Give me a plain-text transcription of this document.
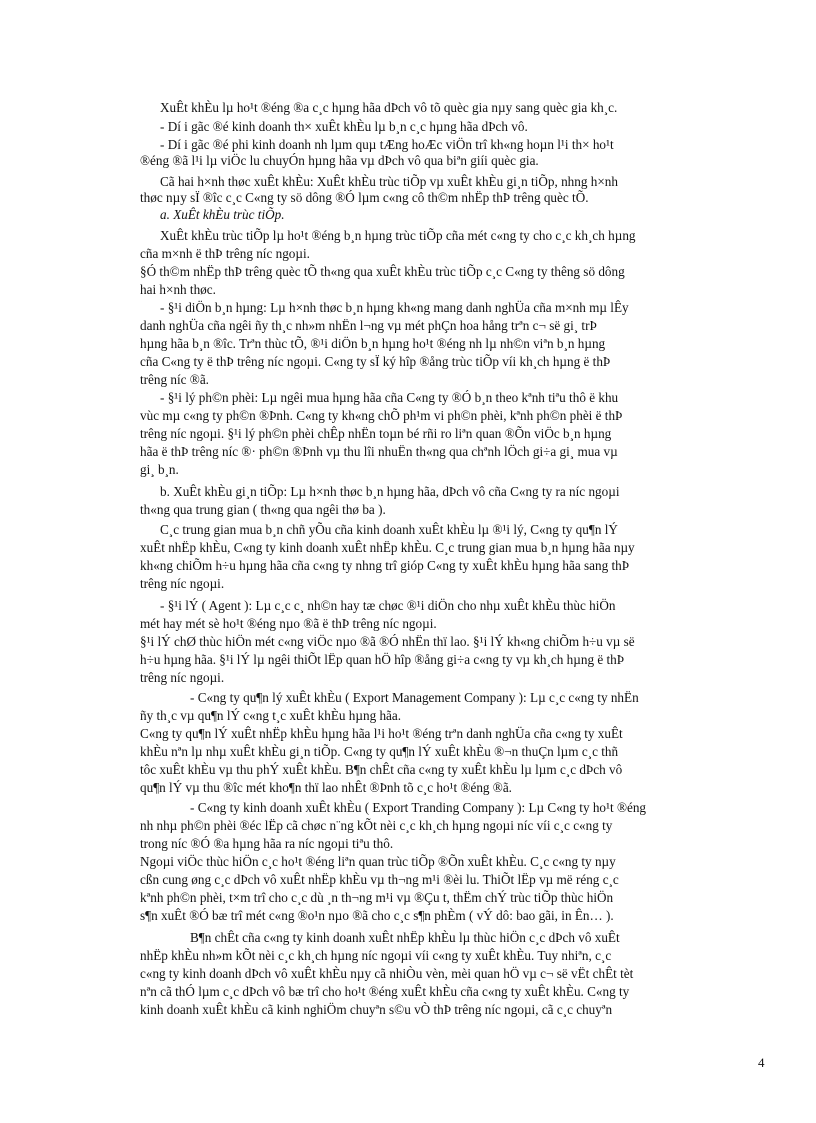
XuÊt khÈu lµ ho¹t ®éng ®a c¸c hµng hãa dÞch vô tõ quèc gia nµy sang quèc gia kh¸c.
- Dí i gãc ®é kinh doanh th× xuÊt khÈu lµ b¸n c¸c hµng hãa dÞch vô.
- Dí i gãc ®é phi kinh doanh nh lµm quµ tÆng hoÆc viÖn trî kh«ng hoµn l¹i th× ho¹t
®éng ®ã l¹i lµ viÖc lu chuyÓn hµng hãa vµ dÞch vô qua biªn giíi quèc gia.
Cã hai h×nh thøc xuÊt khÈu: XuÊt khÈu trùc tiÕp vµ xuÊt khÈu gi¸n tiÕp, nhng h×nh
thøc nµy sÏ ®îc c¸c C«ng ty sö dông ®Ó lµm c«ng cô th©m nhËp thÞ trêng quèc tÕ.
a. XuÊt khÈu trùc tiÕp.
XuÊt khÈu trùc tiÕp lµ ho¹t ®éng b¸n hµng trùc tiÕp cña mét c«ng ty cho c¸c kh¸ch hµng
cña m×nh ë thÞ trêng níc ngoµi.
§Ó th©m nhËp thÞ trêng quèc tÕ th«ng qua xuÊt khÈu trùc tiÕp c¸c C«ng ty thêng sö dông
hai h×nh thøc.
- §¹i diÖn b¸n hµng: Lµ h×nh thøc b¸n hµng kh«ng mang danh nghÜa cña m×nh mµ lÊy
danh nghÜa cña ngêi ñy th¸c nh»m nhËn l¬ng vµ mét phÇn hoa hång trªn c¬ së gi¸ trÞ
hµng hãa b¸n ®îc. Trªn thùc tÕ, ®¹i diÖn b¸n hµng ho¹t ®éng nh lµ nh©n viªn b¸n hµng
cña C«ng ty ë thÞ trêng níc ngoµi. C«ng ty sÏ ký hîp ®ång trùc tiÕp víi kh¸ch hµng ë thÞ
trêng níc ®ã.
- §¹i lý ph©n phèi: Lµ ngêi mua hµng hãa cña C«ng ty ®Ó b¸n theo kªnh tiªu thô ë khu
vùc mµ c«ng ty ph©n ®Þnh. C«ng ty kh«ng chÕ ph¹m vi ph©n phèi, kªnh ph©n phèi ë thÞ
trêng níc ngoµi. §¹i lý ph©n phèi chÊp nhËn toµn bé rñi ro liªn quan ®Õn viÖc b¸n hµng
hãa ë thÞ trêng níc ®· ph©n ®Þnh vµ thu lîi nhuËn th«ng qua chªnh lÖch gi÷a gi¸ mua vµ
gi¸ b¸n.
b. XuÊt khÈu gi¸n tiÕp: Lµ h×nh thøc b¸n hµng hãa, dÞch vô cña C«ng ty ra níc ngoµi
th«ng qua trung gian ( th«ng qua ngêi thø ba ).
C¸c trung gian mua b¸n chñ yÕu cña kinh doanh xuÊt khÈu lµ ®¹i lý, C«ng ty qu¶n lÝ
xuÊt nhËp khÈu, C«ng ty kinh doanh xuÊt nhËp khÈu. C¸c trung gian mua b¸n hµng hãa nµy
kh«ng chiÕm h÷u hµng hãa cña c«ng ty nhng trî gióp C«ng ty xuÊt khÈu hµng hãa sang thÞ
trêng níc ngoµi.
- §¹i lÝ ( Agent ): Lµ c¸c c¸ nh©n hay tæ chøc ®¹i diÖn cho nhµ xuÊt khÈu thùc hiÖn
mét hay mét sè ho¹t ®éng nµo ®ã ë thÞ trêng níc ngoµi.
§¹i lÝ chØ thùc hiÖn mét c«ng viÖc nµo ®ã ®Ó nhËn thï lao. §¹i lÝ kh«ng chiÕm h÷u vµ së
h÷u hµng hãa. §¹i lÝ lµ ngêi thiÕt lËp quan hÖ hîp ®ång gi÷a c«ng ty vµ kh¸ch hµng ë thÞ
trêng níc ngoµi.
- C«ng ty qu¶n lý xuÊt khÈu ( Export Management Company ): Lµ c¸c c«ng ty nhËn
ñy th¸c vµ qu¶n lÝ c«ng t¸c xuÊt khÈu hµng hãa.
C«ng ty qu¶n lÝ xuÊt nhËp khÈu hµng hãa l¹i ho¹t ®éng trªn danh nghÜa cña c«ng ty xuÊt
khÈu nªn lµ nhµ xuÊt khÈu gi¸n tiÕp. C«ng ty qu¶n lÝ xuÊt khÈu ®¬n thuÇn lµm c¸c thñ
tôc xuÊt khÈu vµ thu phÝ xuÊt khÈu. B¶n chÊt cña c«ng ty xuÊt khÈu lµ lµm c¸c dÞch vô
qu¶n lÝ vµ thu ®îc mét kho¶n thï lao nhÊt ®Þnh tõ c¸c ho¹t ®éng ®ã.
- C«ng ty kinh doanh xuÊt khÈu ( Export Tranding Company ): Lµ C«ng ty ho¹t ®éng
nh nhµ ph©n phèi ®éc lËp cã chøc n¨ng kÕt nèi c¸c kh¸ch hµng ngoµi níc víi c¸c c«ng ty
trong níc ®Ó ®a hµng hãa ra níc ngoµi tiªu thô.
Ngoµi viÖc thùc hiÖn c¸c ho¹t ®éng liªn quan trùc tiÕp ®Õn xuÊt khÈu. C¸c c«ng ty nµy
cßn cung øng c¸c dÞch vô xuÊt nhËp khÈu vµ th¬ng m¹i ®èi lu. ThiÕt lËp vµ më réng c¸c
kªnh ph©n phèi, t×m trî cho c¸c dù ¸n th¬ng m¹i vµ ®Çu t, thËm chÝ trùc tiÕp thùc hiÖn
s¶n xuÊt ®Ó bæ trî mét c«ng ®o¹n nµo ®ã cho c¸c s¶n phÈm ( vÝ dô: bao gãi, in Ên… ).
B¶n chÊt cña c«ng ty kinh doanh xuÊt nhËp khÈu lµ thùc hiÖn c¸c dÞch vô xuÊt
nhËp khÈu nh»m kÕt nèi c¸c kh¸ch hµng níc ngoµi víi c«ng ty xuÊt khÈu. Tuy nhiªn, c¸c
c«ng ty kinh doanh dÞch vô xuÊt khÈu nµy cã nhiÒu vèn, mèi quan hÖ vµ c¬ së vËt chÊt tèt
nªn cã thÓ lµm c¸c dÞch vô bæ trî cho ho¹t ®éng xuÊt khÈu cña c«ng ty xuÊt khÈu. C«ng ty
kinh doanh xuÊt khÈu cã kinh nghiÖm chuyªn s©u vÒ thÞ trêng níc ngoµi, cã c¸c chuyªn
4
